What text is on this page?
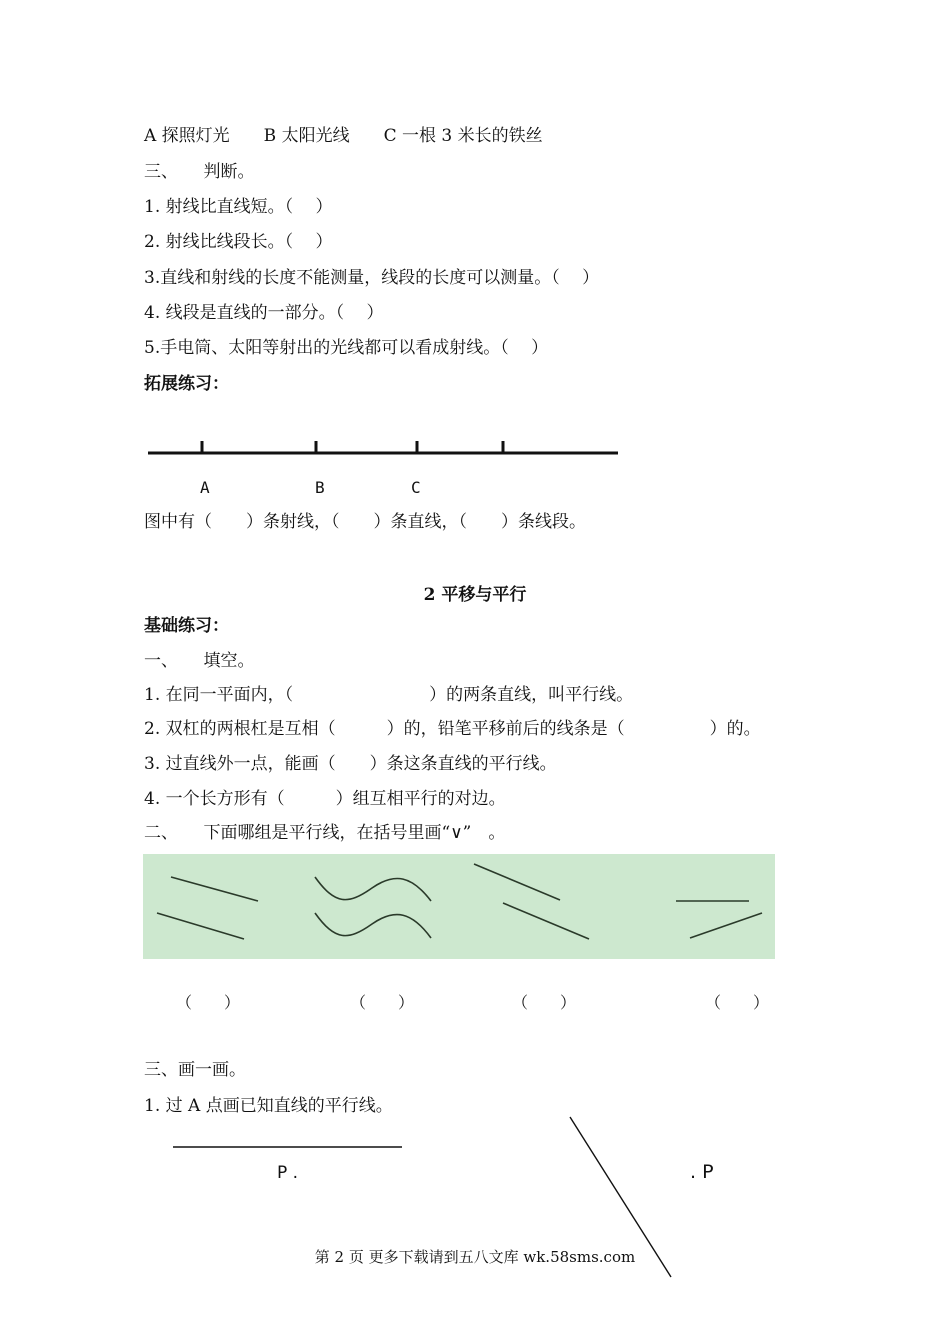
A 探照灯光　　B 太阳光线　　C 一根 3 米长的铁丝
三、　　判断。
1. 射线比直线短。（　 ）
2. 射线比线段长。（　 ）
3.直线和射线的长度不能测量，线段的长度可以测量。（　 ）
4. 线段是直线的一部分。（　 ）
5.手电筒、太阳等射出的光线都可以看成射线。（　 ）
拓展练习：
A	B	C
图中有（　　）条射线，（　　）条直线，（　　）条线段。
2 平移与平行
基础练习：
一、　　填空。
1. 在同一平面内，（　　　　　　　　）的两条直线，叫平行线。
2. 双杠的两根杠是互相（　　　）的，铅笔平移前后的线条是（　　　　　）的。
3. 过直线外一点，能画（　　）条这条直线的平行线。
4. 一个长方形有（　　　）组互相平行的对边。
二、　　下面哪组是平行线，在括号里画“∨”　。
（　　）	（　　）	（　　）	（　　）
三、画一画。
1. 过 A 点画已知直线的平行线。
P .	. P
第 2 页 更多下载请到五八文库 wk.58sms.com
